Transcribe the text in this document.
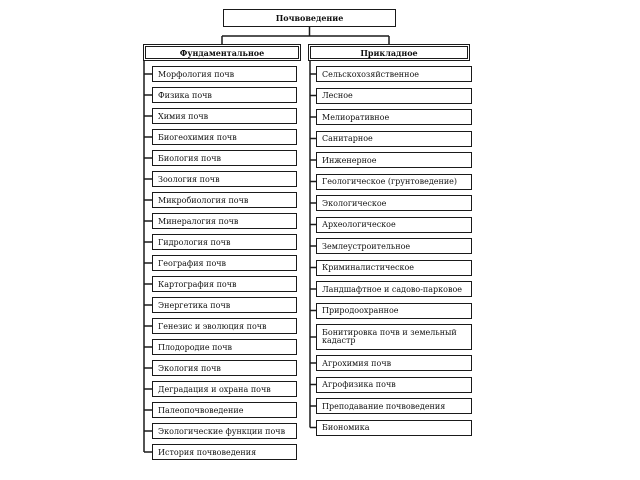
Почвоведение
Фундаментальное	Прикладное
Морфология почв
Физика почв
Химия почв
Биогеохимия почв
Биология почв
Зоология почв
Микробиология почв
Минералогия почв
Гидрология почв
География почв
Картография почв
Энергетика почв
Генезис и эволюция почв
Плодородие почв
Экология почв
Деградация и охрана почв
Палеопочвоведение
Экологические функции почв
История почвоведения
Сельскохозяйственное
Лесное
Мелиоративное
Санитарное
Инженерное
Геологическое (грунтоведение)
Экологическое
Археологическое
Землеустроительное
Криминалистическое
Ландшафтное и садово-парковое
Природоохранное
Бонитировка почв и земельный кадастр
Агрохимия почв
Агрофизика почв
Преподавание почвоведения
Биономика
